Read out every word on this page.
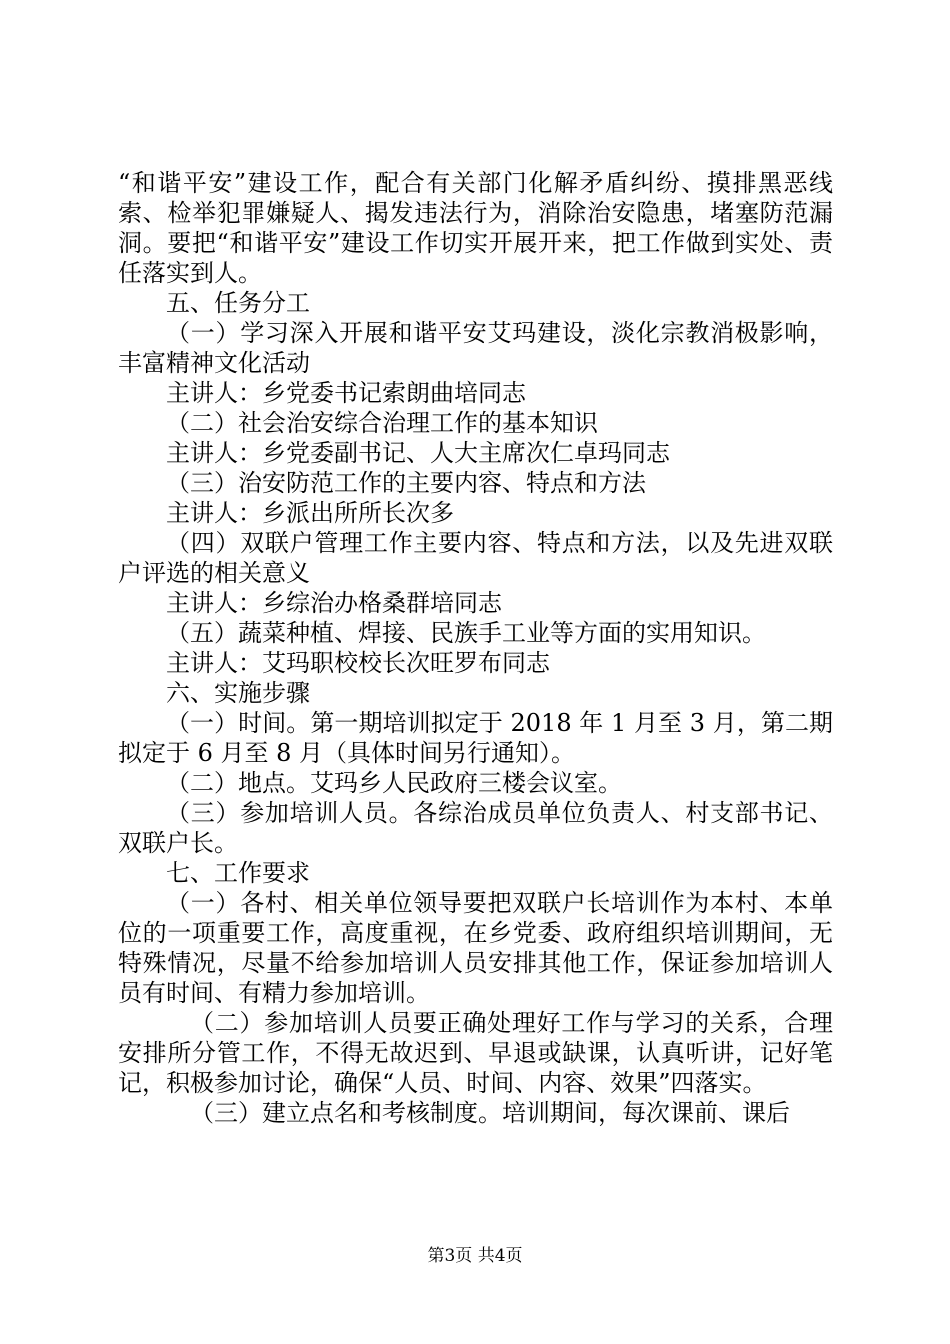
“和谐平安”建设工作，配合有关部门化解矛盾纠纷、摸排黑恶线索、检举犯罪嫌疑人、揭发违法行为，消除治安隐患，堵塞防范漏洞。要把“和谐平安”建设工作切实开展开来，把工作做到实处、责任落实到人。

五、任务分工

（一）学习深入开展和谐平安艾玛建设，淡化宗教消极影响，丰富精神文化活动

主讲人：乡党委书记索朗曲培同志

（二）社会治安综合治理工作的基本知识

主讲人：乡党委副书记、人大主席次仁卓玛同志

（三）治安防范工作的主要内容、特点和方法

主讲人：乡派出所所长次多

（四）双联户管理工作主要内容、特点和方法，以及先进双联户评选的相关意义

主讲人：乡综治办格桑群培同志

（五）蔬菜种植、焊接、民族手工业等方面的实用知识。

主讲人：艾玛职校校长次旺罗布同志

六、实施步骤

（一）时间。第一期培训拟定于 2018 年 1 月至 3 月，第二期拟定于 6 月至 8 月（具体时间另行通知）。

（二）地点。艾玛乡人民政府三楼会议室。

（三）参加培训人员。各综治成员单位负责人、村支部书记、双联户长。

七、工作要求

（一）各村、相关单位领导要把双联户长培训作为本村、本单位的一项重要工作，高度重视，在乡党委、政府组织培训期间，无特殊情况，尽量不给参加培训人员安排其他工作，保证参加培训人员有时间、有精力参加培训。

（二）参加培训人员要正确处理好工作与学习的关系，合理安排所分管工作，不得无故迟到、早退或缺课，认真听讲，记好笔记，积极参加讨论，确保“人员、时间、内容、效果”四落实。

（三）建立点名和考核制度。培训期间，每次课前、课后

第3页 共4页
